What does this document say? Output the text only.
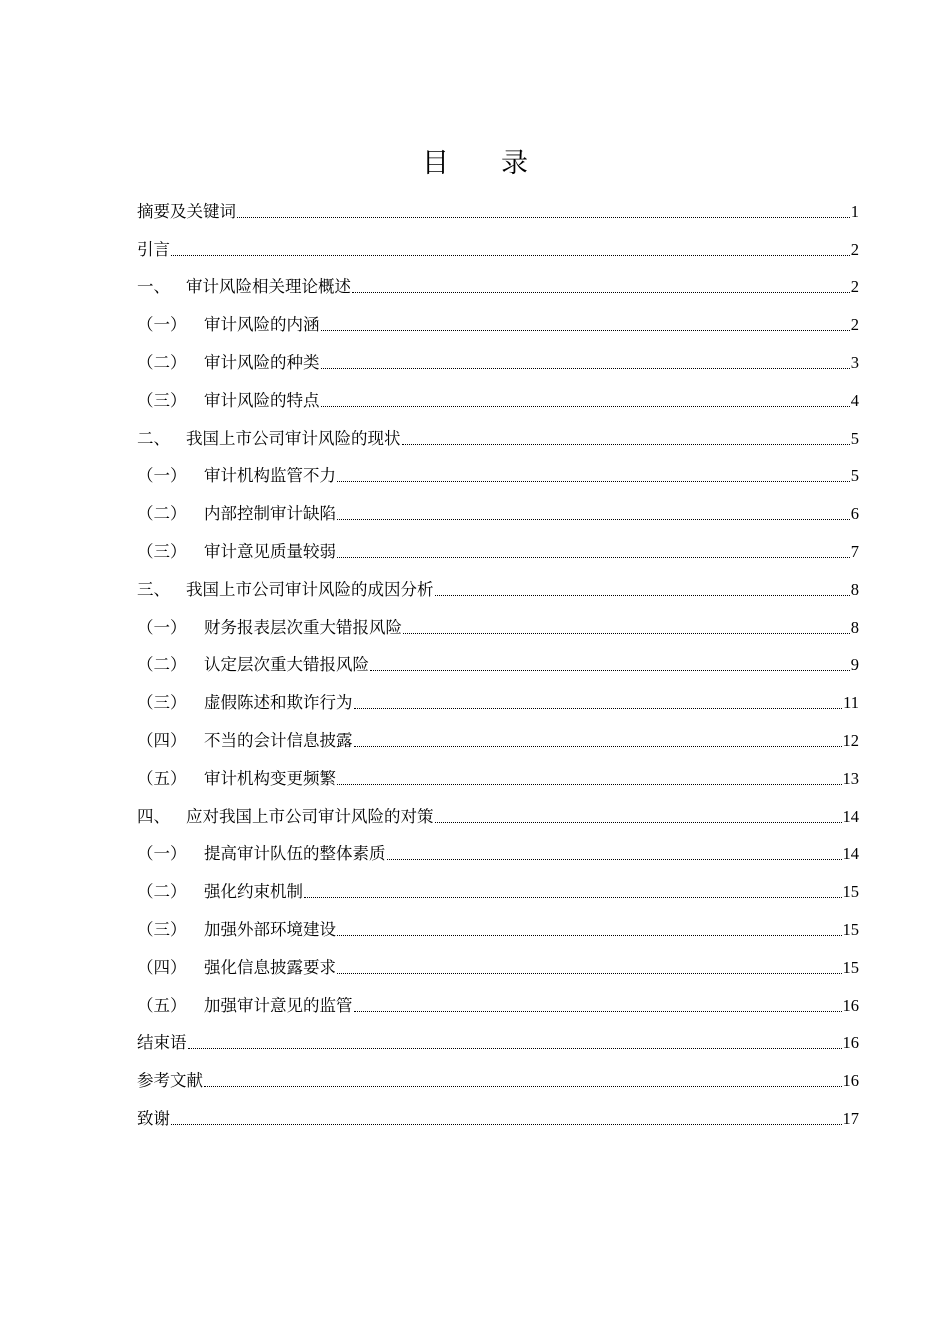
目 录
摘要及关键词	1
引言	2
一、 审计风险相关理论概述	2
（一）	审计风险的内涵	2
（二）	审计风险的种类	3
（三）	审计风险的特点	4
二、 我国上市公司审计风险的现状	5
（一）	审计机构监管不力	5
（二）	内部控制审计缺陷	6
（三）	审计意见质量较弱	7
三、 我国上市公司审计风险的成因分析	8
（一）	财务报表层次重大错报风险	8
（二）	认定层次重大错报风险	9
（三）	虚假陈述和欺诈行为	11
（四）	不当的会计信息披露	12
（五）	审计机构变更频繁	13
四、 应对我国上市公司审计风险的对策	14
（一）	提高审计队伍的整体素质	14
（二）	强化约束机制	15
（三）	加强外部环境建设	15
（四）	强化信息披露要求	15
（五）	加强审计意见的监管	16
结束语	16
参考文献	16
致谢	17
